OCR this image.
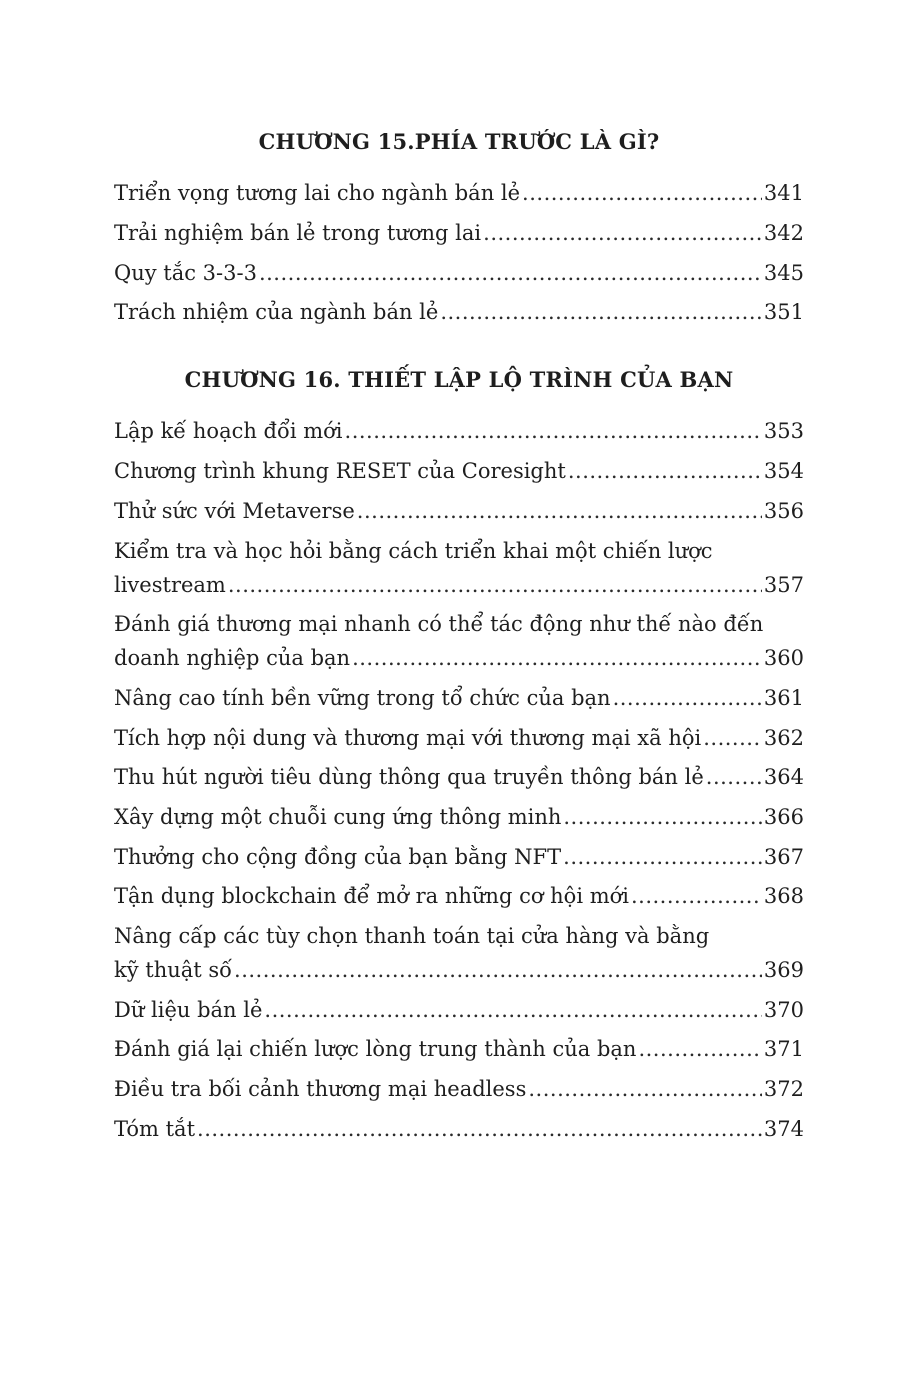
CHƯƠNG 15.PHÍA TRƯỚC LÀ GÌ?
Triển vọng tương lai cho ngành bán lẻ .....	341
Trải nghiệm bán lẻ trong tương lai .....	342
Quy tắc 3-3-3 .....	345
Trách nhiệm của ngành bán lẻ .....	351
CHƯƠNG 16. THIẾT LẬP LỘ TRÌNH CỦA BẠN
Lập kế hoạch đổi mới .....	353
Chương trình khung RESET của Coresight .....	354
Thử sức với Metaverse .....	356
Kiểm tra và học hỏi bằng cách triển khai một chiến lược
livestream .....	357
Đánh giá thương mại nhanh có thể tác động như thế nào đến
doanh nghiệp của bạn .....	360
Nâng cao tính bền vững trong tổ chức của bạn .....	361
Tích hợp nội dung và thương mại với thương mại xã hội .....	362
Thu hút người tiêu dùng thông qua truyền thông bán lẻ .....	364
Xây dựng một chuỗi cung ứng thông minh .....	366
Thưởng cho cộng đồng của bạn bằng NFT .....	367
Tận dụng blockchain để mở ra những cơ hội mới .....	368
Nâng cấp các tùy chọn thanh toán tại cửa hàng và bằng
kỹ thuật số .....	369
Dữ liệu bán lẻ .....	370
Đánh giá lại chiến lược lòng trung thành của bạn .....	371
Điều tra bối cảnh thương mại headless .....	372
Tóm tắt .....	374
